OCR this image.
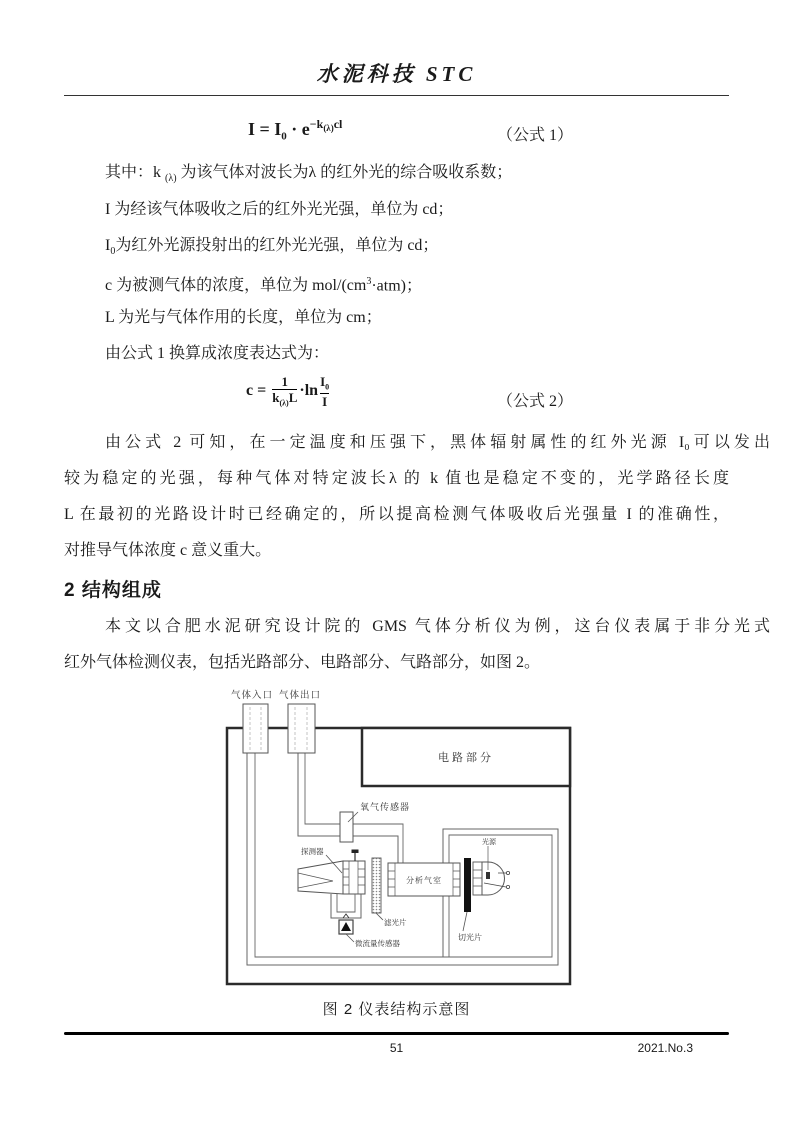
水泥科技 STC
$I = I_0 \cdot e^{-k_{(\lambda)}cl}$
（公式 1）
其中：k $_{(\lambda)}$ 为该气体对波长为λ 的红外光的综合吸收系数；
I 为经该气体吸收之后的红外光光强，单位为 cd；
$I_0$为红外光源投射出的红外光光强，单位为 cd；
c 为被测气体的浓度，单位为 mol/$(cm^3\cdot atm)$；
L 为光与气体作用的长度，单位为 cm；
由公式 1 换算成浓度表达式为：
$c = \frac{1}{k_{(\lambda)}L} \cdot\ln \frac{I_0}{I}$	（公式 2）
由公式 2 可知，在一定温度和压强下，黑体辐射属性的红外光源 I₀可以发出
较为稳定的光强，每种气体对特定波长λ 的 k 值也是稳定不变的，光学路径长度
L 在最初的光路设计时已经确定的，所以提高检测气体吸收后光强量 I 的准确性，
对推导气体浓度 c 意义重大。
2 结构组成
本文以合肥水泥研究设计院的 GMS 气体分析仪为例，这台仪表属于非分光式
红外气体检测仪表，包括光路部分、电路部分、气路部分，如图 2。
电路部分
气体入口 气体出口
氧气传感器
探测器
微流量传感器
滤光片
分析气室
切光片
光源
图 2 仪表结构示意图
51	2021.No.3
